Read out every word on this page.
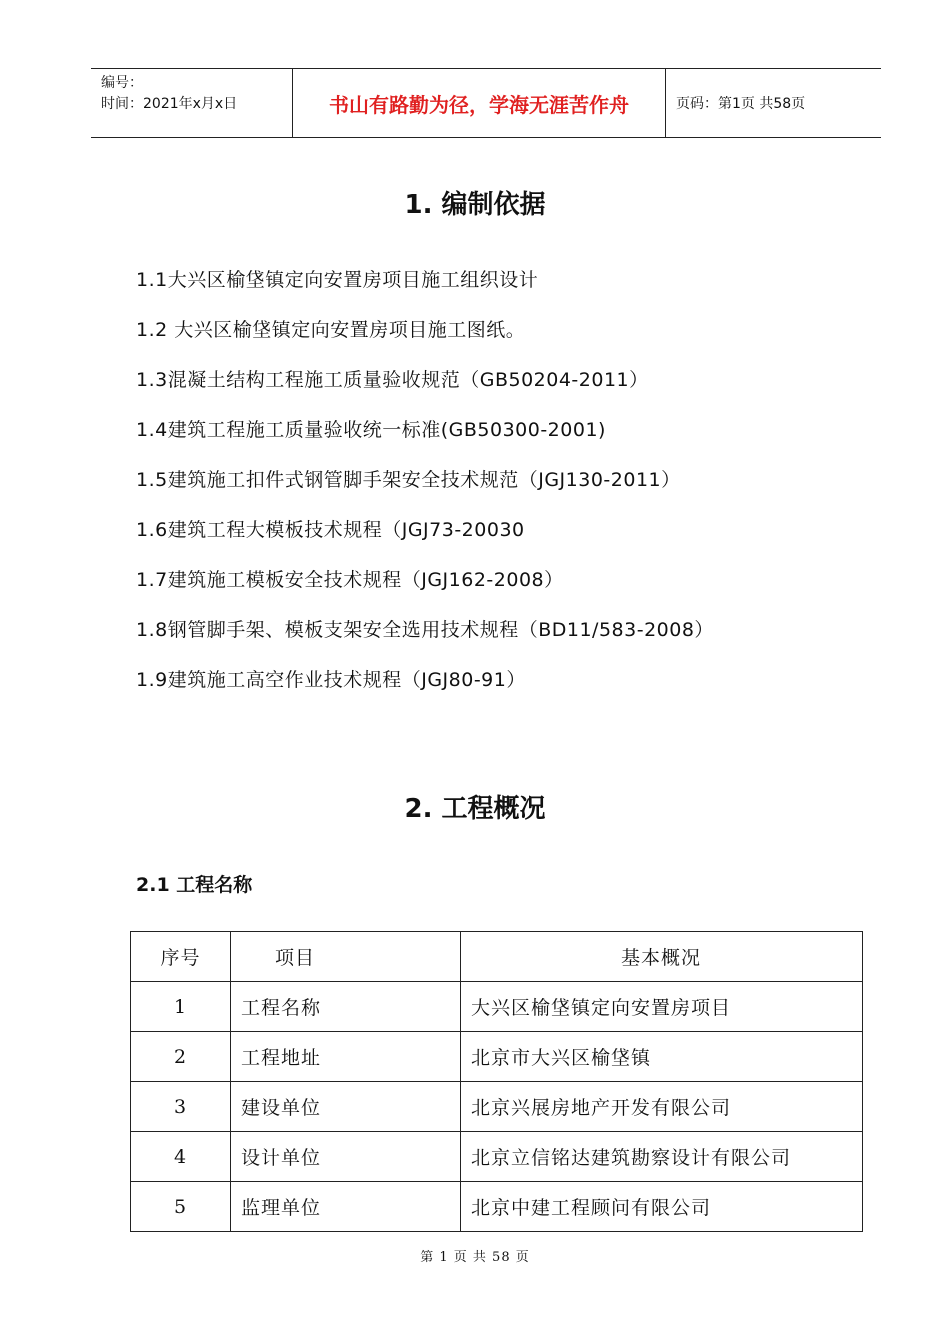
编号：
时间：2021年x月x日	书山有路勤为径，学海无涯苦作舟	页码：第1页 共58页
1. 编制依据
1.1大兴区榆垡镇定向安置房项目施工组织设计
1.2 大兴区榆垡镇定向安置房项目施工图纸。
1.3混凝土结构工程施工质量验收规范（GB50204-2011）
1.4建筑工程施工质量验收统一标准(GB50300-2001)
1.5建筑施工扣件式钢管脚手架安全技术规范（JGJ130-2011）
1.6建筑工程大模板技术规程（JGJ73-20030
1.7建筑施工模板安全技术规程（JGJ162-2008）
1.8钢管脚手架、模板支架安全选用技术规程（BD11/583-2008）
1.9建筑施工高空作业技术规程（JGJ80-91）
2. 工程概况
2.1 工程名称
序号	项目	基本概况
1	工程名称	大兴区榆垡镇定向安置房项目
2	工程地址	北京市大兴区榆垡镇
3	建设单位	北京兴展房地产开发有限公司
4	设计单位	北京立信铭达建筑勘察设计有限公司
5	监理单位	北京中建工程顾问有限公司
第 1 页 共 58 页
